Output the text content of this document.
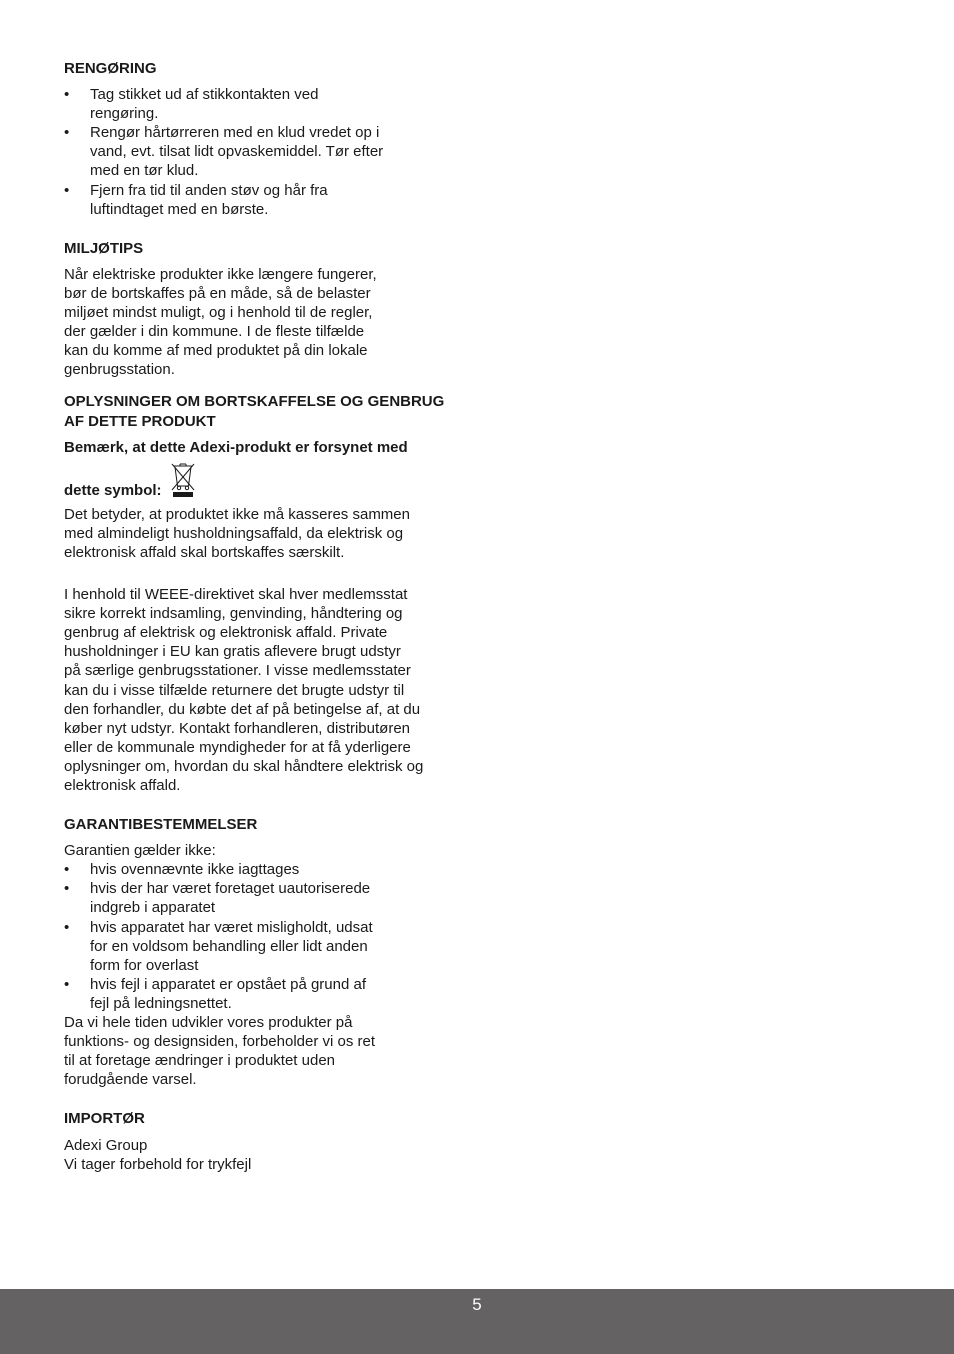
RENGØRING
• Tag stikket ud af stikkontakten ved
rengøring.
• Rengør hårtørreren med en klud vredet op i
vand, evt. tilsat lidt opvaskemiddel. Tør efter
med en tør klud.
• Fjern fra tid til anden støv og hår fra
luftindtaget med en børste.
MILJØTIPS

Når elektriske produkter ikke længere fungerer,
bør de bortskaffes på en måde, så de belaster
miljøet mindst muligt, og i henhold til de regler,
der gælder i din kommune. I de fleste tilfælde
kan du komme af med produktet på din lokale
genbrugsstation.

OPLYSNINGER OM BORTSKAFFELSE OG GENBRUG
AF DETTE PRODUKT

Bemærk, at dette Adexi-produkt er forsynet med

dette symbol:

Det betyder, at produktet ikke må kasseres sammen
med almindeligt husholdningsaffald, da elektrisk og
elektronisk affald skal bortskaffes særskilt.

I henhold til WEEE-direktivet skal hver medlemsstat
sikre korrekt indsamling, genvinding, håndtering og
genbrug af elektrisk og elektronisk affald. Private
husholdninger i EU kan gratis aflevere brugt udstyr
på særlige genbrugsstationer. I visse medlemsstater
kan du i visse tilfælde returnere det brugte udstyr til
den forhandler, du købte det af på betingelse af, at du
køber nyt udstyr. Kontakt forhandleren, distributøren
eller de kommunale myndigheder for at få yderligere
oplysninger om, hvordan du skal håndtere elektrisk og
elektronisk affald.

GARANTIBESTEMMELSER

Garantien gælder ikke:

• hvis ovennævnte ikke iagttages
• hvis der har været foretaget uautoriserede
indgreb i apparatet
• hvis apparatet har været misligholdt, udsat
for en voldsom behandling eller lidt anden
form for overlast
• hvis fejl i apparatet er opstået på grund af
fejl på ledningsnettet.

Da vi hele tiden udvikler vores produkter på
funktions- og designsiden, forbeholder vi os ret
til at foretage ændringer i produktet uden
forudgående varsel.

IMPORTØR

Adexi Group
Vi tager forbehold for trykfejl

5
